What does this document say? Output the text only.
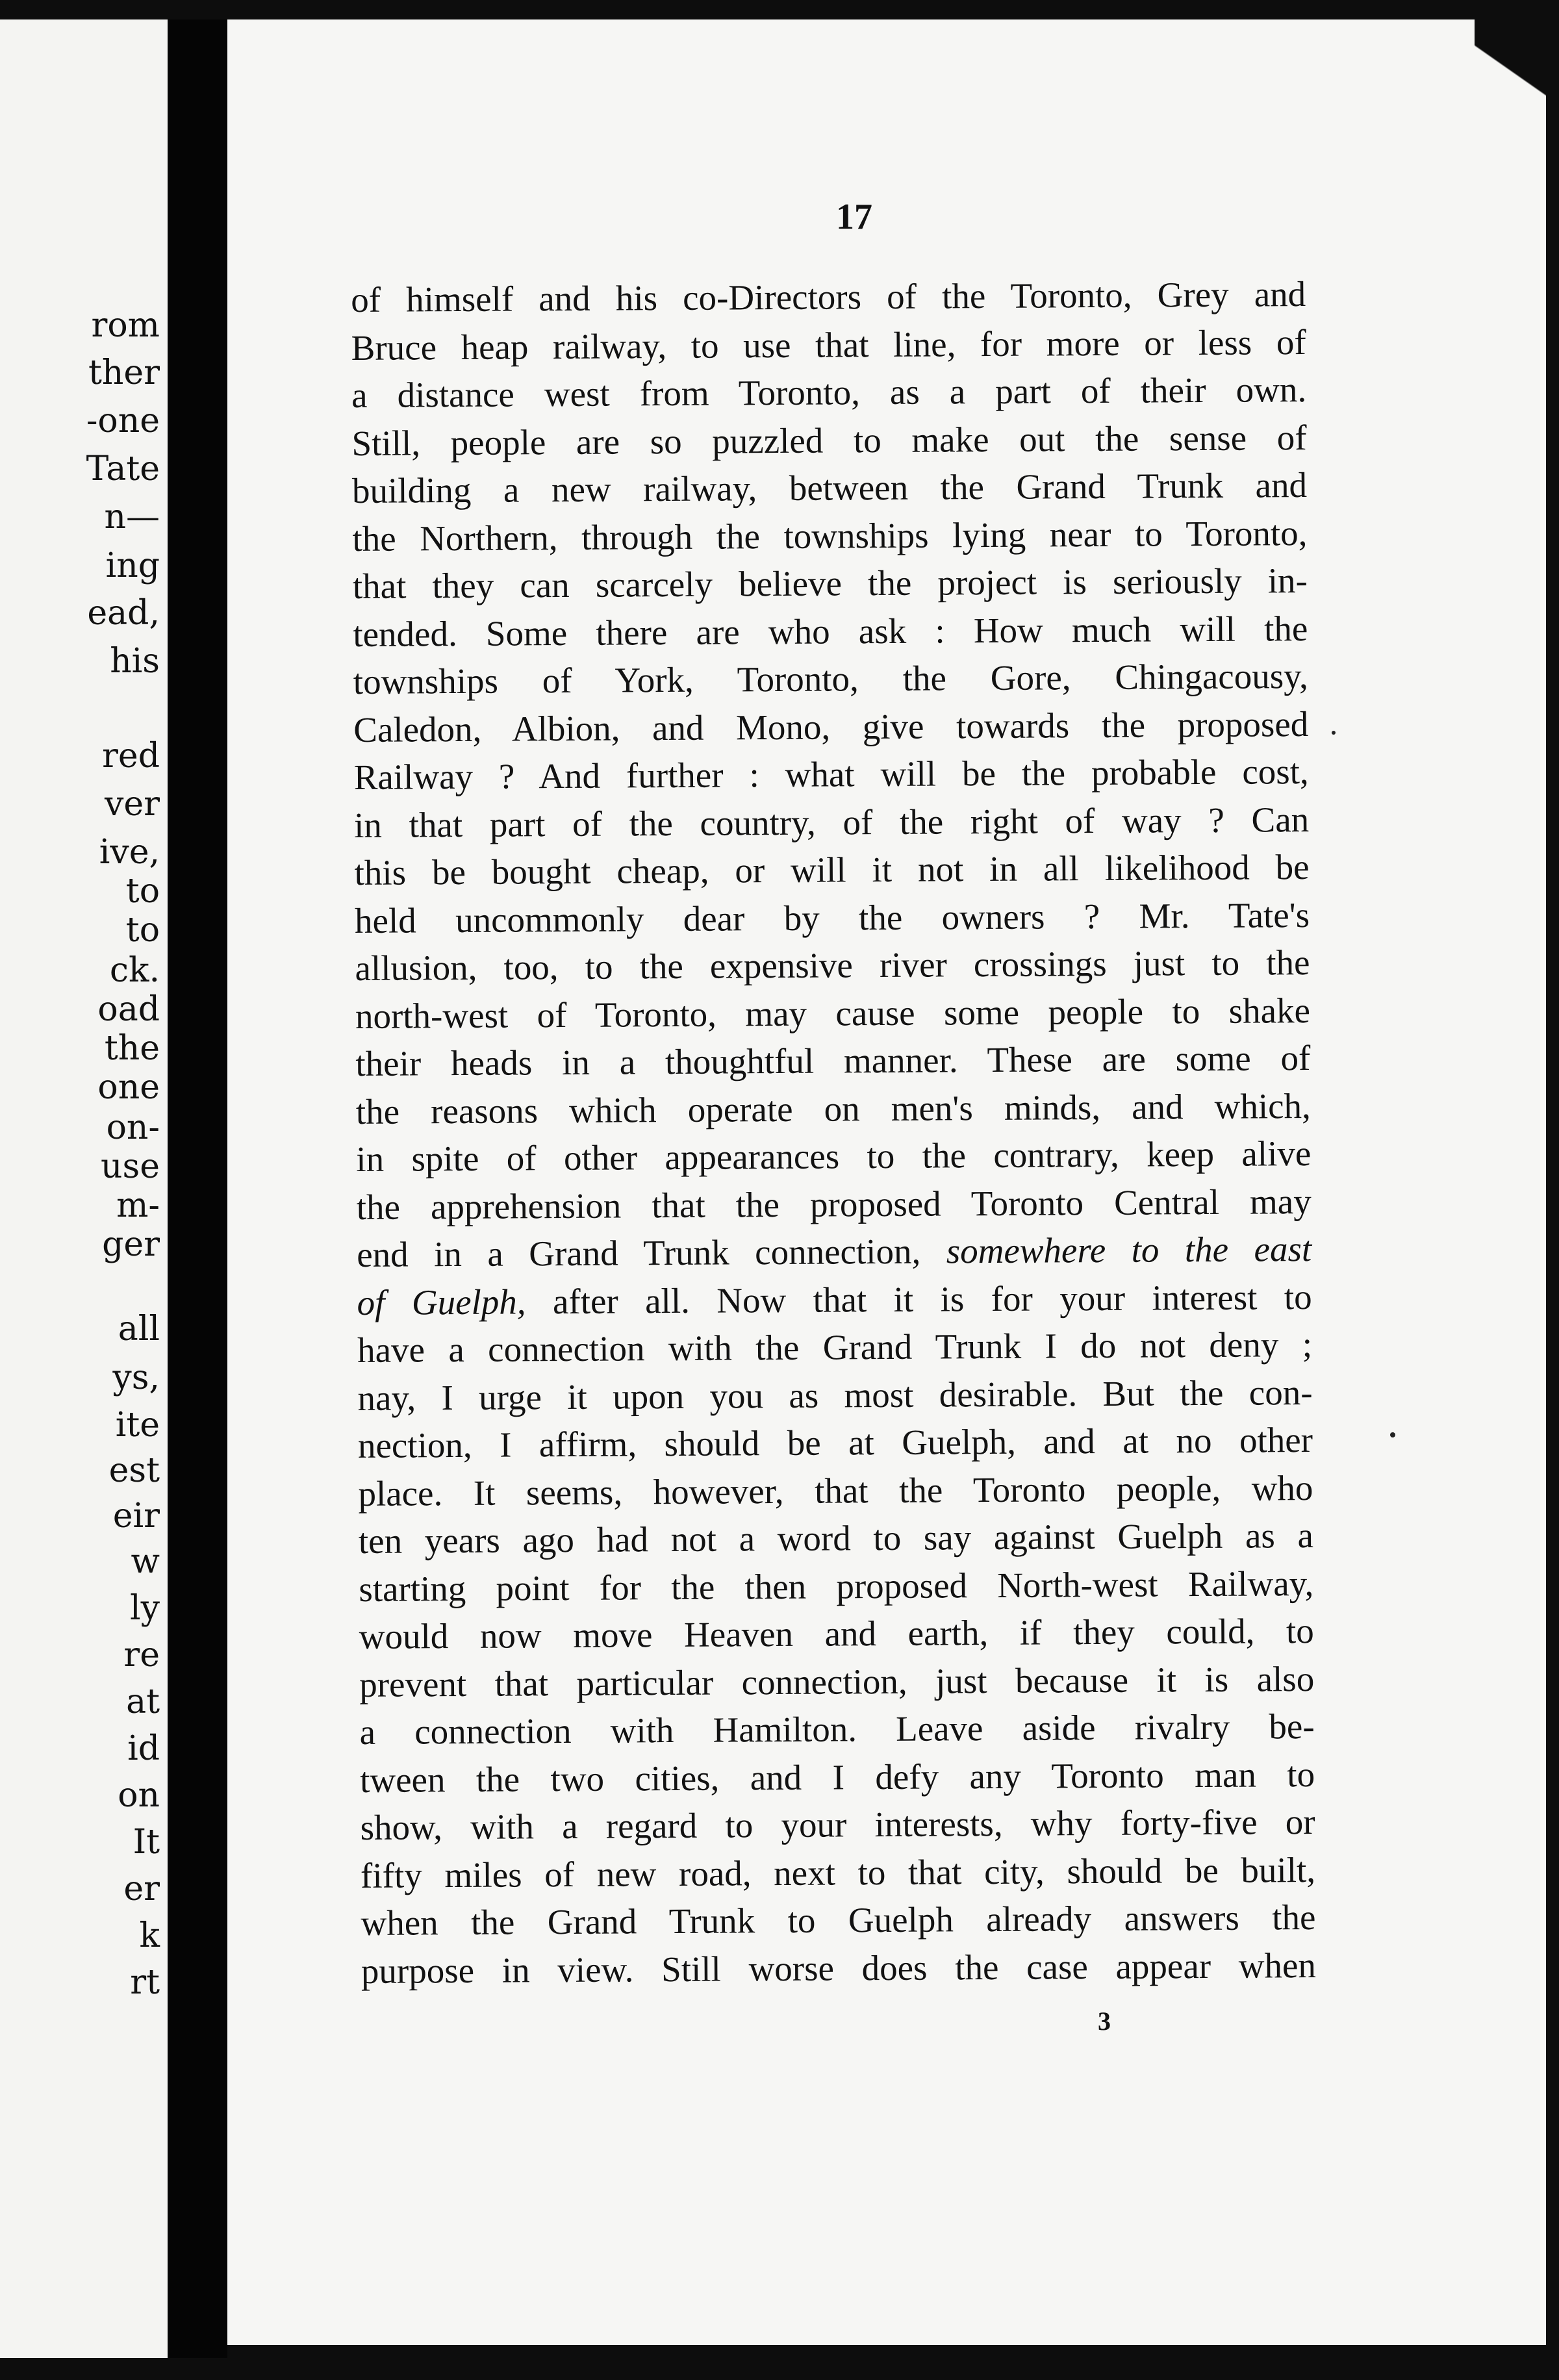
rom
ther
-one
Tate
n—
ing
ead,
his
red
ver
ive,
to
to
ck.
oad
the
one
on-
use
m-
ger
all
ys,
ite
est
eir
w
ly
re
at
id
on
It
er
k
rt
17
of himself and his co-Directors of the Toronto, Grey and
Bruce heap railway, to use that line, for more or less of
a distance west from Toronto, as a part of their own.
Still, people are so puzzled to make out the sense of
building a new railway, between the Grand Trunk and
the Northern, through the townships lying near to Toronto,
that they can scarcely believe the project is seriously in-
tended. Some there are who ask : How much will the
townships of York, Toronto, the Gore, Chingacousy,
Caledon, Albion, and Mono, give towards the proposed
Railway ? And further : what will be the probable cost,
in that part of the country, of the right of way ? Can
this be bought cheap, or will it not in all likelihood be
held uncommonly dear by the owners ? Mr. Tate's
allusion, too, to the expensive river crossings just to the
north-west of Toronto, may cause some people to shake
their heads in a thoughtful manner. These are some of
the reasons which operate on men's minds, and which,
in spite of other appearances to the contrary, keep alive
the apprehension that the proposed Toronto Central may
end in a Grand Trunk connection, somewhere to the east
of Guelph, after all. Now that it is for your interest to
have a connection with the Grand Trunk I do not deny ;
nay, I urge it upon you as most desirable. But the con-
nection, I affirm, should be at Guelph, and at no other
place. It seems, however, that the Toronto people, who
ten years ago had not a word to say against Guelph as a
starting point for the then proposed North-west Railway,
would now move Heaven and earth, if they could, to
prevent that particular connection, just because it is also
a connection with Hamilton. Leave aside rivalry be-
tween the two cities, and I defy any Toronto man to
show, with a regard to your interests, why forty-five or
fifty miles of new road, next to that city, should be built,
when the Grand Trunk to Guelph already answers the
purpose in view. Still worse does the case appear when
3
